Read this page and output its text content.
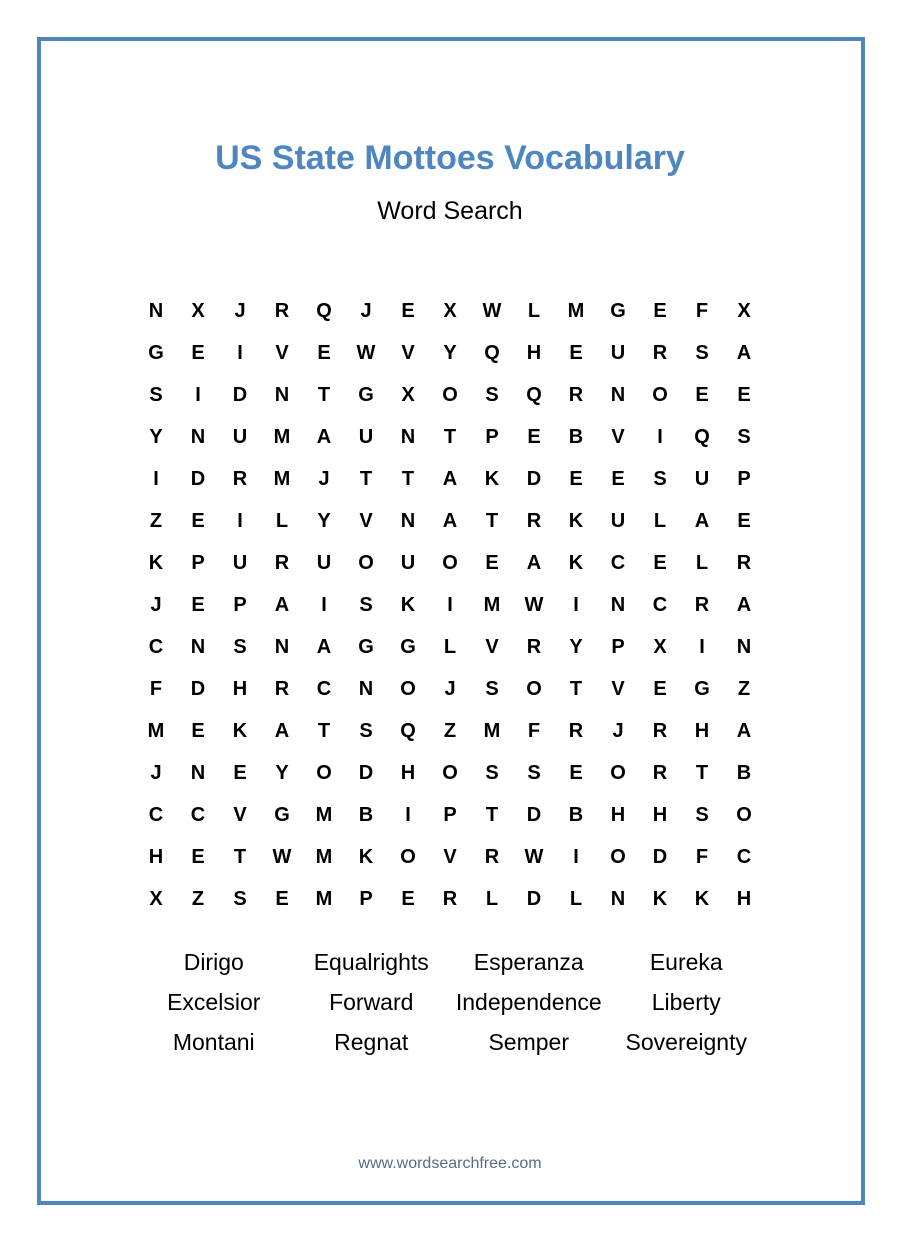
US State Mottoes Vocabulary
Word Search
N	X	J	R	Q	J	E	X	W	L	M	G	E	F	X
G	E	I	V	E	W	V	Y	Q	H	E	U	R	S	A
S	I	D	N	T	G	X	O	S	Q	R	N	O	E	E
Y	N	U	M	A	U	N	T	P	E	B	V	I	Q	S
I	D	R	M	J	T	T	A	K	D	E	E	S	U	P
Z	E	I	L	Y	V	N	A	T	R	K	U	L	A	E
K	P	U	R	U	O	U	O	E	A	K	C	E	L	R
J	E	P	A	I	S	K	I	M	W	I	N	C	R	A
C	N	S	N	A	G	G	L	V	R	Y	P	X	I	N
F	D	H	R	C	N	O	J	S	O	T	V	E	G	Z
M	E	K	A	T	S	Q	Z	M	F	R	J	R	H	A
J	N	E	Y	O	D	H	O	S	S	E	O	R	T	B
C	C	V	G	M	B	I	P	T	D	B	H	H	S	O
H	E	T	W	M	K	O	V	R	W	I	O	D	F	C
X	Z	S	E	M	P	E	R	L	D	L	N	K	K	H
Dirigo	Equalrights	Esperanza	Eureka
Excelsior	Forward	Independence	Liberty
Montani	Regnat	Semper	Sovereignty
www.wordsearchfree.com
